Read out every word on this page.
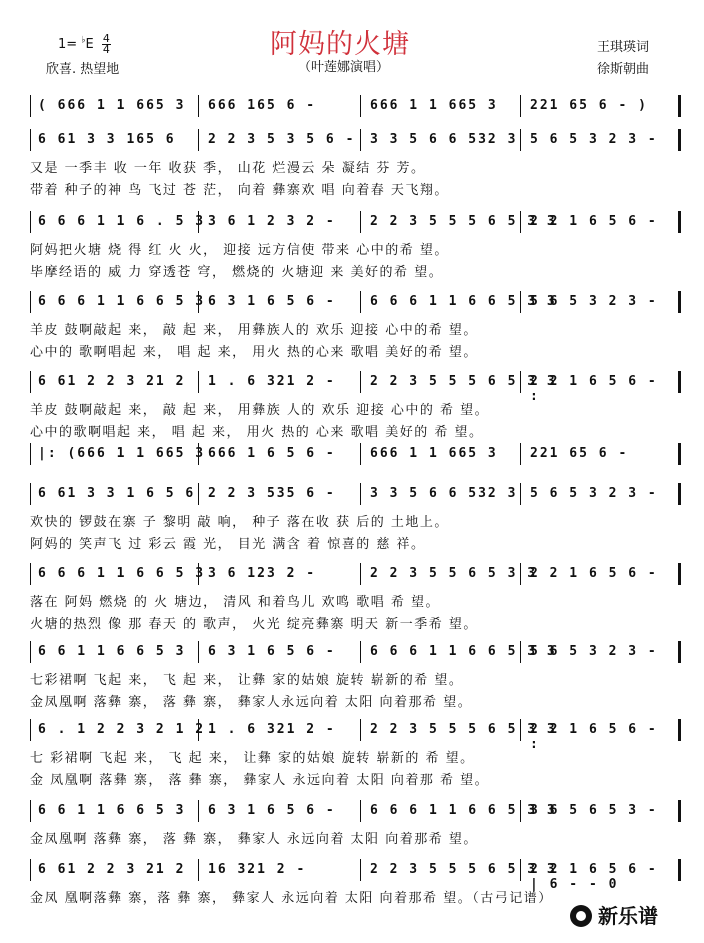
$1= ^♭E \frac{4}{4}$
欣喜. 热望地
阿妈的火塘
（叶莲娜演唱）
王琪瑛词
徐斯朝曲
( 666 1 1 665 3 666 165 6 -	666 1 1 665 3 221 65 6 - )
6 61 3 3 165 6 2 2 3 5 3 5 6 - 3 3 5 6 6 532 3 5 6 5 3 2 3 -
又是 一季丰 收 一年 收获 季， 山花 烂漫云 朵 凝结 芬 芳。
带着 种子的神 鸟 飞过 苍 茫， 向着 彝寨欢 唱 向着春 天飞翔。
6 6 6 1 1 6 . 5 3 3 6 1 2 3 2 -	2 2 3 5 5 5 6 5 3 3
2 2 1 6 5 6 -
阿妈把火塘 烧 得 红 火 火， 迎接 远方信使 带来 心中的希 望。
毕摩经语的 威 力 穿透苍 穹， 燃烧的 火塘迎 来 美好的希 望。
6 6 6 1 1 6 6 5 3 6 3 1 6 5 6 -	6 6 6 1 1 6 6 5 3 3
5 6 5 3 2 3 -
羊皮 鼓啊敲起 来， 敲 起 来， 用彝族人的 欢乐 迎接 心中的希 望。
心中的 歌啊唱起 来， 唱 起 来， 用火 热的心来 歌唱 美好的希 望。
6 61 2 2 3 21 2 1 . 6 321 2 -	2 2 3 5 5 5 6 5 3 3
2 2 1 6 5 6 - :
羊皮 鼓啊敲起 来， 敲 起 来， 用彝族 人的 欢乐 迎接 心中的 希 望。
心中的歌啊唱起 来， 唱 起 来， 用火 热的 心来 歌唱 美好的 希 望。
|: (666 1 1 665 3 666 1 6 5 6 -	666 1 1 665 3 221 65 6 -
6 61 3 3 1 6 5 6 2 2 3 535 6 -	3 3 5 6 6 532 3 5 6 5 3 2 3 -
欢快的 锣鼓在寨 子 黎明 敲 响， 种子 落在收 获 后的 土地上。
阿妈的 笑声飞 过 彩云 霞 光， 目光 满含 着 惊喜的 慈 祥。
6 6 6 1 1 6 6 5 3 3 6 123 2 -	2 2 3 5 5 6 5 3 3
2 2 1 6 5 6 -
落在 阿妈 燃烧 的 火 塘边， 清风 和着鸟儿 欢鸣 歌唱 希 望。
火塘的热烈 像 那 春天 的 歌声， 火光 绽亮彝寨 明天 新一季希 望。
6 6 1 1 6 6 5 3 6 3 1 6 5 6 -	6 6 6 1 1 6 6 5 3 3
5 6 5 3 2 3 -
七彩裙啊 飞起 来， 飞 起 来， 让彝 家的姑娘 旋转 崭新的希 望。
金凤凰啊 落彝 寨， 落 彝 寨， 彝家人永远向着 太阳 向着那希 望。
6 . 1 2 2 3 2 1 2 1 . 6 321 2 -	2 2 3 5 5 5 6 5 3 3
2 2 1 6 5 6 - :
七 彩裙啊 飞起 来， 飞 起 来， 让彝 家的姑娘 旋转 崭新的 希 望。
金 凤凰啊 落彝 寨， 落 彝 寨， 彝家人 永远向着 太阳 向着那 希 望。
6 6 1 1 6 6 5 3 6 3 1 6 5 6 -	6 6 6 1 1 6 6 5 3 3
3 6 5 6 5 3 -
金凤凰啊 落彝 寨， 落 彝 寨， 彝家人 永远向着 太阳 向着那希 望。
6 61 2 2 3 21 2 16 321 2 -	2 2 3 5 5 5 6 5 3 3
2 2 1 6 5 6 - | 6 - - 0
金凤 凰啊落彝 寨，落 彝 寨， 彝家人 永远向着 太阳 向着那希 望。（古弓记谱）
新乐谱
